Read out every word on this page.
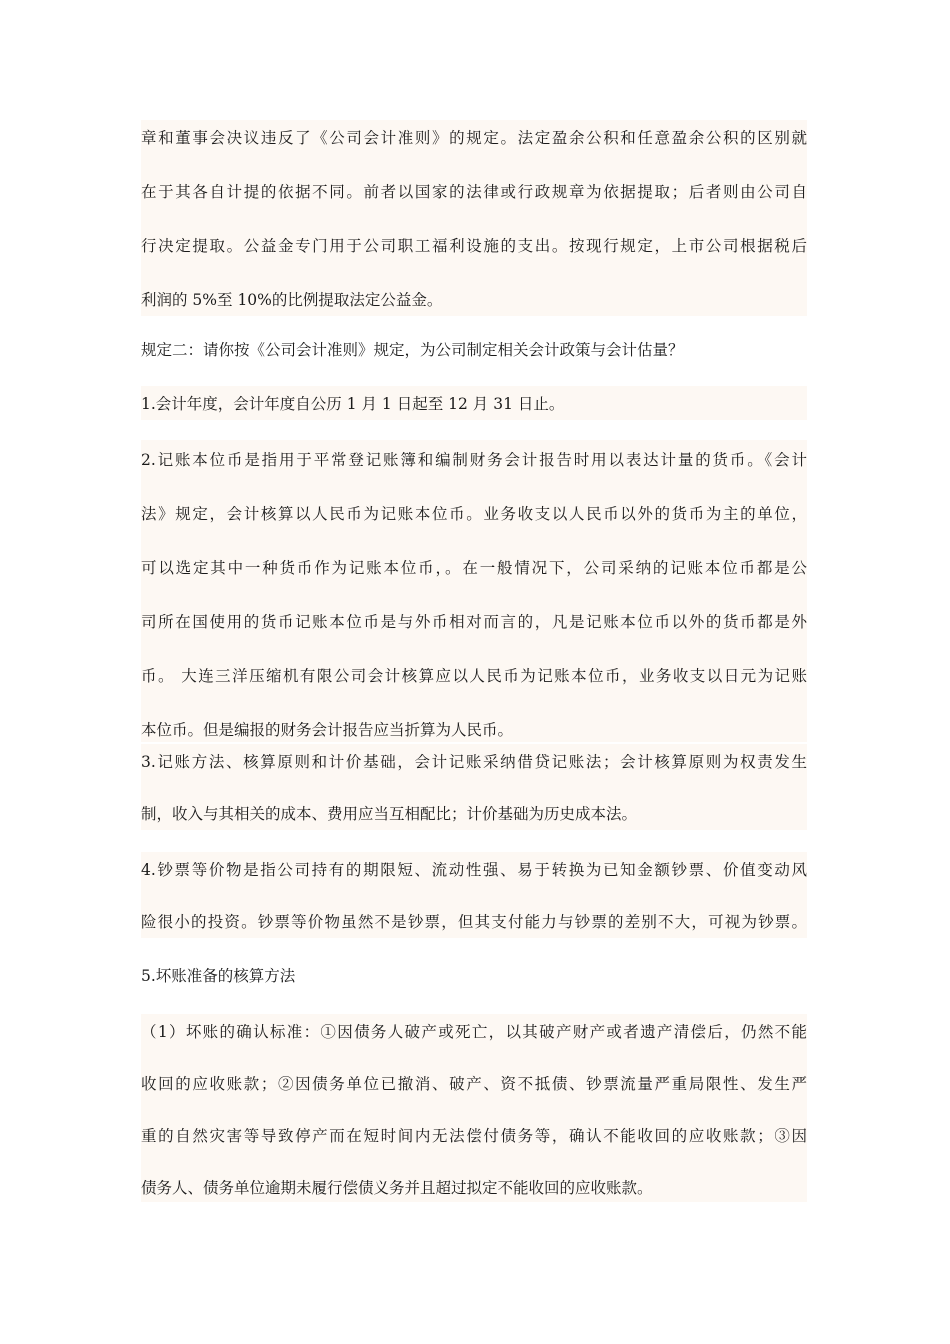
章和董事会决议违反了《公司会计准则》的规定。法定盈余公积和任意盈余公积的区别就
在于其各自计提的依据不同。前者以国家的法律或行政规章为依据提取；后者则由公司自
行决定提取。公益金专门用于公司职工福利设施的支出。按现行规定，上市公司根据税后
利润的 5%至 10%的比例提取法定公益金。
规定二：请你按《公司会计准则》规定，为公司制定相关会计政策与会计估量？
1.会计年度，会计年度自公历 1 月 1 日起至 12 月 31 日止。
2.记账本位币是指用于平常登记账簿和编制财务会计报告时用以表达计量的货币。《会计
法》规定，会计核算以人民币为记账本位币。业务收支以人民币以外的货币为主的单位，
可以选定其中一种货币作为记账本位币，。在一般情况下，公司采纳的记账本位币都是公
司所在国使用的货币记账本位币是与外币相对而言的，凡是记账本位币以外的货币都是外
币。 大连三洋压缩机有限公司会计核算应以人民币为记账本位币，业务收支以日元为记账
本位币。但是编报的财务会计报告应当折算为人民币。
3.记账方法、核算原则和计价基础，会计记账采纳借贷记账法；会计核算原则为权责发生
制，收入与其相关的成本、费用应当互相配比；计价基础为历史成本法。
4.钞票等价物是指公司持有的期限短、流动性强、易于转换为已知金额钞票、价值变动风
险很小的投资。钞票等价物虽然不是钞票，但其支付能力与钞票的差别不大，可视为钞票。
5.坏账准备的核算方法
（1）坏账的确认标准：①因债务人破产或死亡，以其破产财产或者遗产清偿后，仍然不能
收回的应收账款；②因债务单位已撤消、破产、资不抵债、钞票流量严重局限性、发生严
重的自然灾害等导致停产而在短时间内无法偿付债务等，确认不能收回的应收账款；③因
债务人、债务单位逾期未履行偿债义务并且超过拟定不能收回的应收账款。
